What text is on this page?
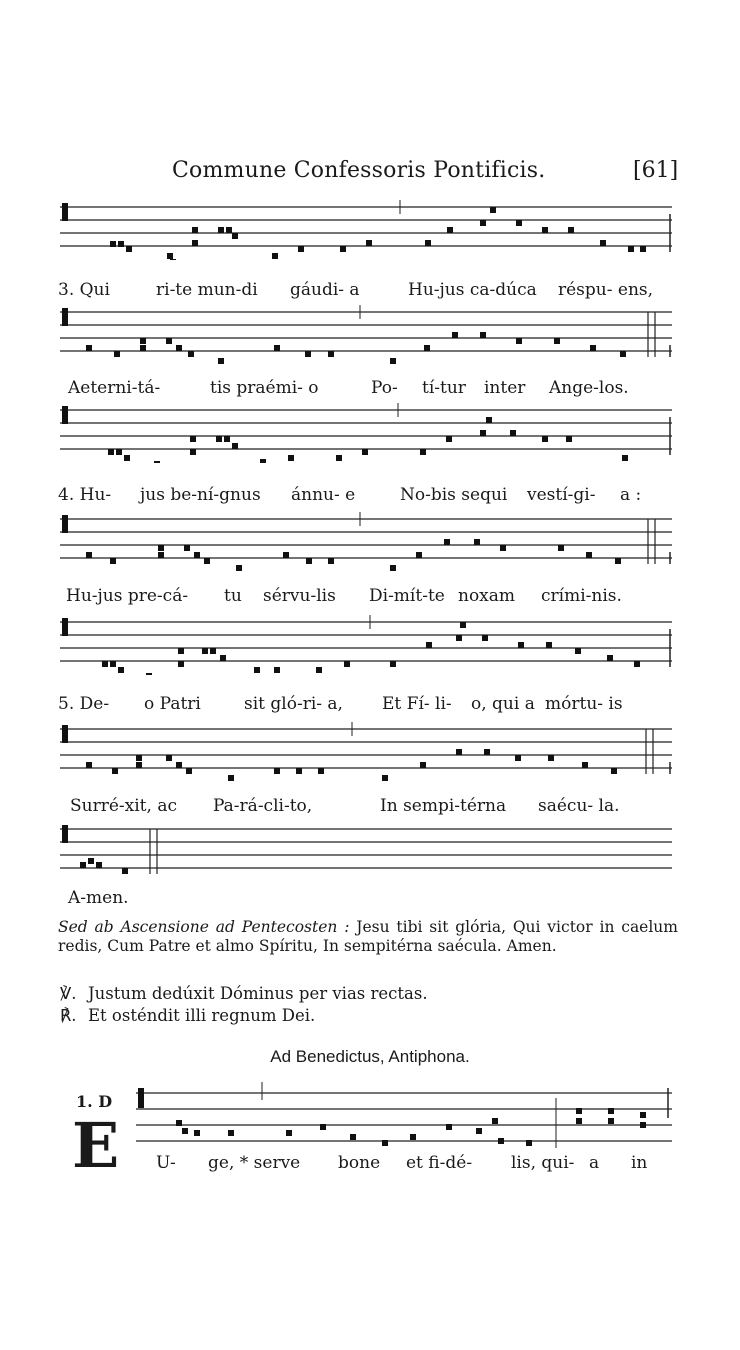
Commune Confessoris Pontificis.	[61]
3. Qui	ri-te mun-di gáudi- a	Hu-jus ca-dúca réspu- ens,
Aeterni-tá-	tis praémi- o	Po- tí-tur inter Ange-los.
4. Hu- jus be-ní-gnus ánnu- e	No-bis sequi vestí-gi- a :
Hu-jus pre-cá- tu sérvu-lis Di-mít-te noxam crími-nis.
5. De- o Patri	sit gló-ri- a, Et Fí- li- o, qui a mórtu- is
Surré-xit, ac Pa-rá-cli-to,	In sempi-térna saécu- la.
A-men.
Sed ab Ascensione ad Pentecosten : Jesu tibi sit glória, Qui victor in caelum redis, Cum Patre et almo Spíritu, In sempitérna saécula. Amen.
℣. Justum dedúxit Dóminus per vias rectas.
℟. Et osténdit illi regnum Dei.
Ad Benedictus, Antiphona.
1. D
E U- ge, * serve bone et fi-dé- lis, qui- a in
